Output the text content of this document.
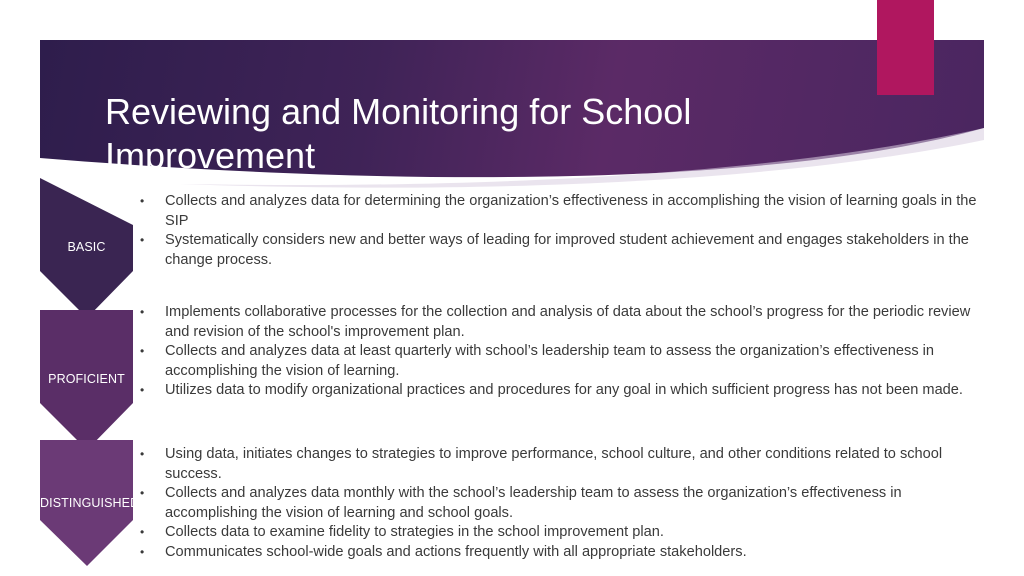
Reviewing and Monitoring for School Improvement
BASIC
•	Collects and analyzes data for determining the organization’s effectiveness in accomplishing the vision of learning goals in the SIP
•	Systematically considers new and better ways of leading for improved student achievement and engages stakeholders in the change process.
PROFICIENT
•	Implements collaborative processes for the collection and analysis of data about the school’s progress for the periodic review and revision of the school's improvement plan.
•	Collects and analyzes data at least quarterly with school’s leadership team to assess the organization’s effectiveness in accomplishing the vision of learning.
•	Utilizes data to modify organizational practices and procedures for any goal in which sufficient progress has not been made.
DISTINGUISHED
•	Using data, initiates changes to strategies to improve performance, school culture, and other conditions related to school success.
•	Collects and analyzes data monthly with the school’s leadership team to assess the organization’s effectiveness in accomplishing the vision of learning and school goals.
•	Collects data to examine fidelity to strategies in the school improvement plan.
•	Communicates school-wide goals and actions frequently with all appropriate stakeholders.
